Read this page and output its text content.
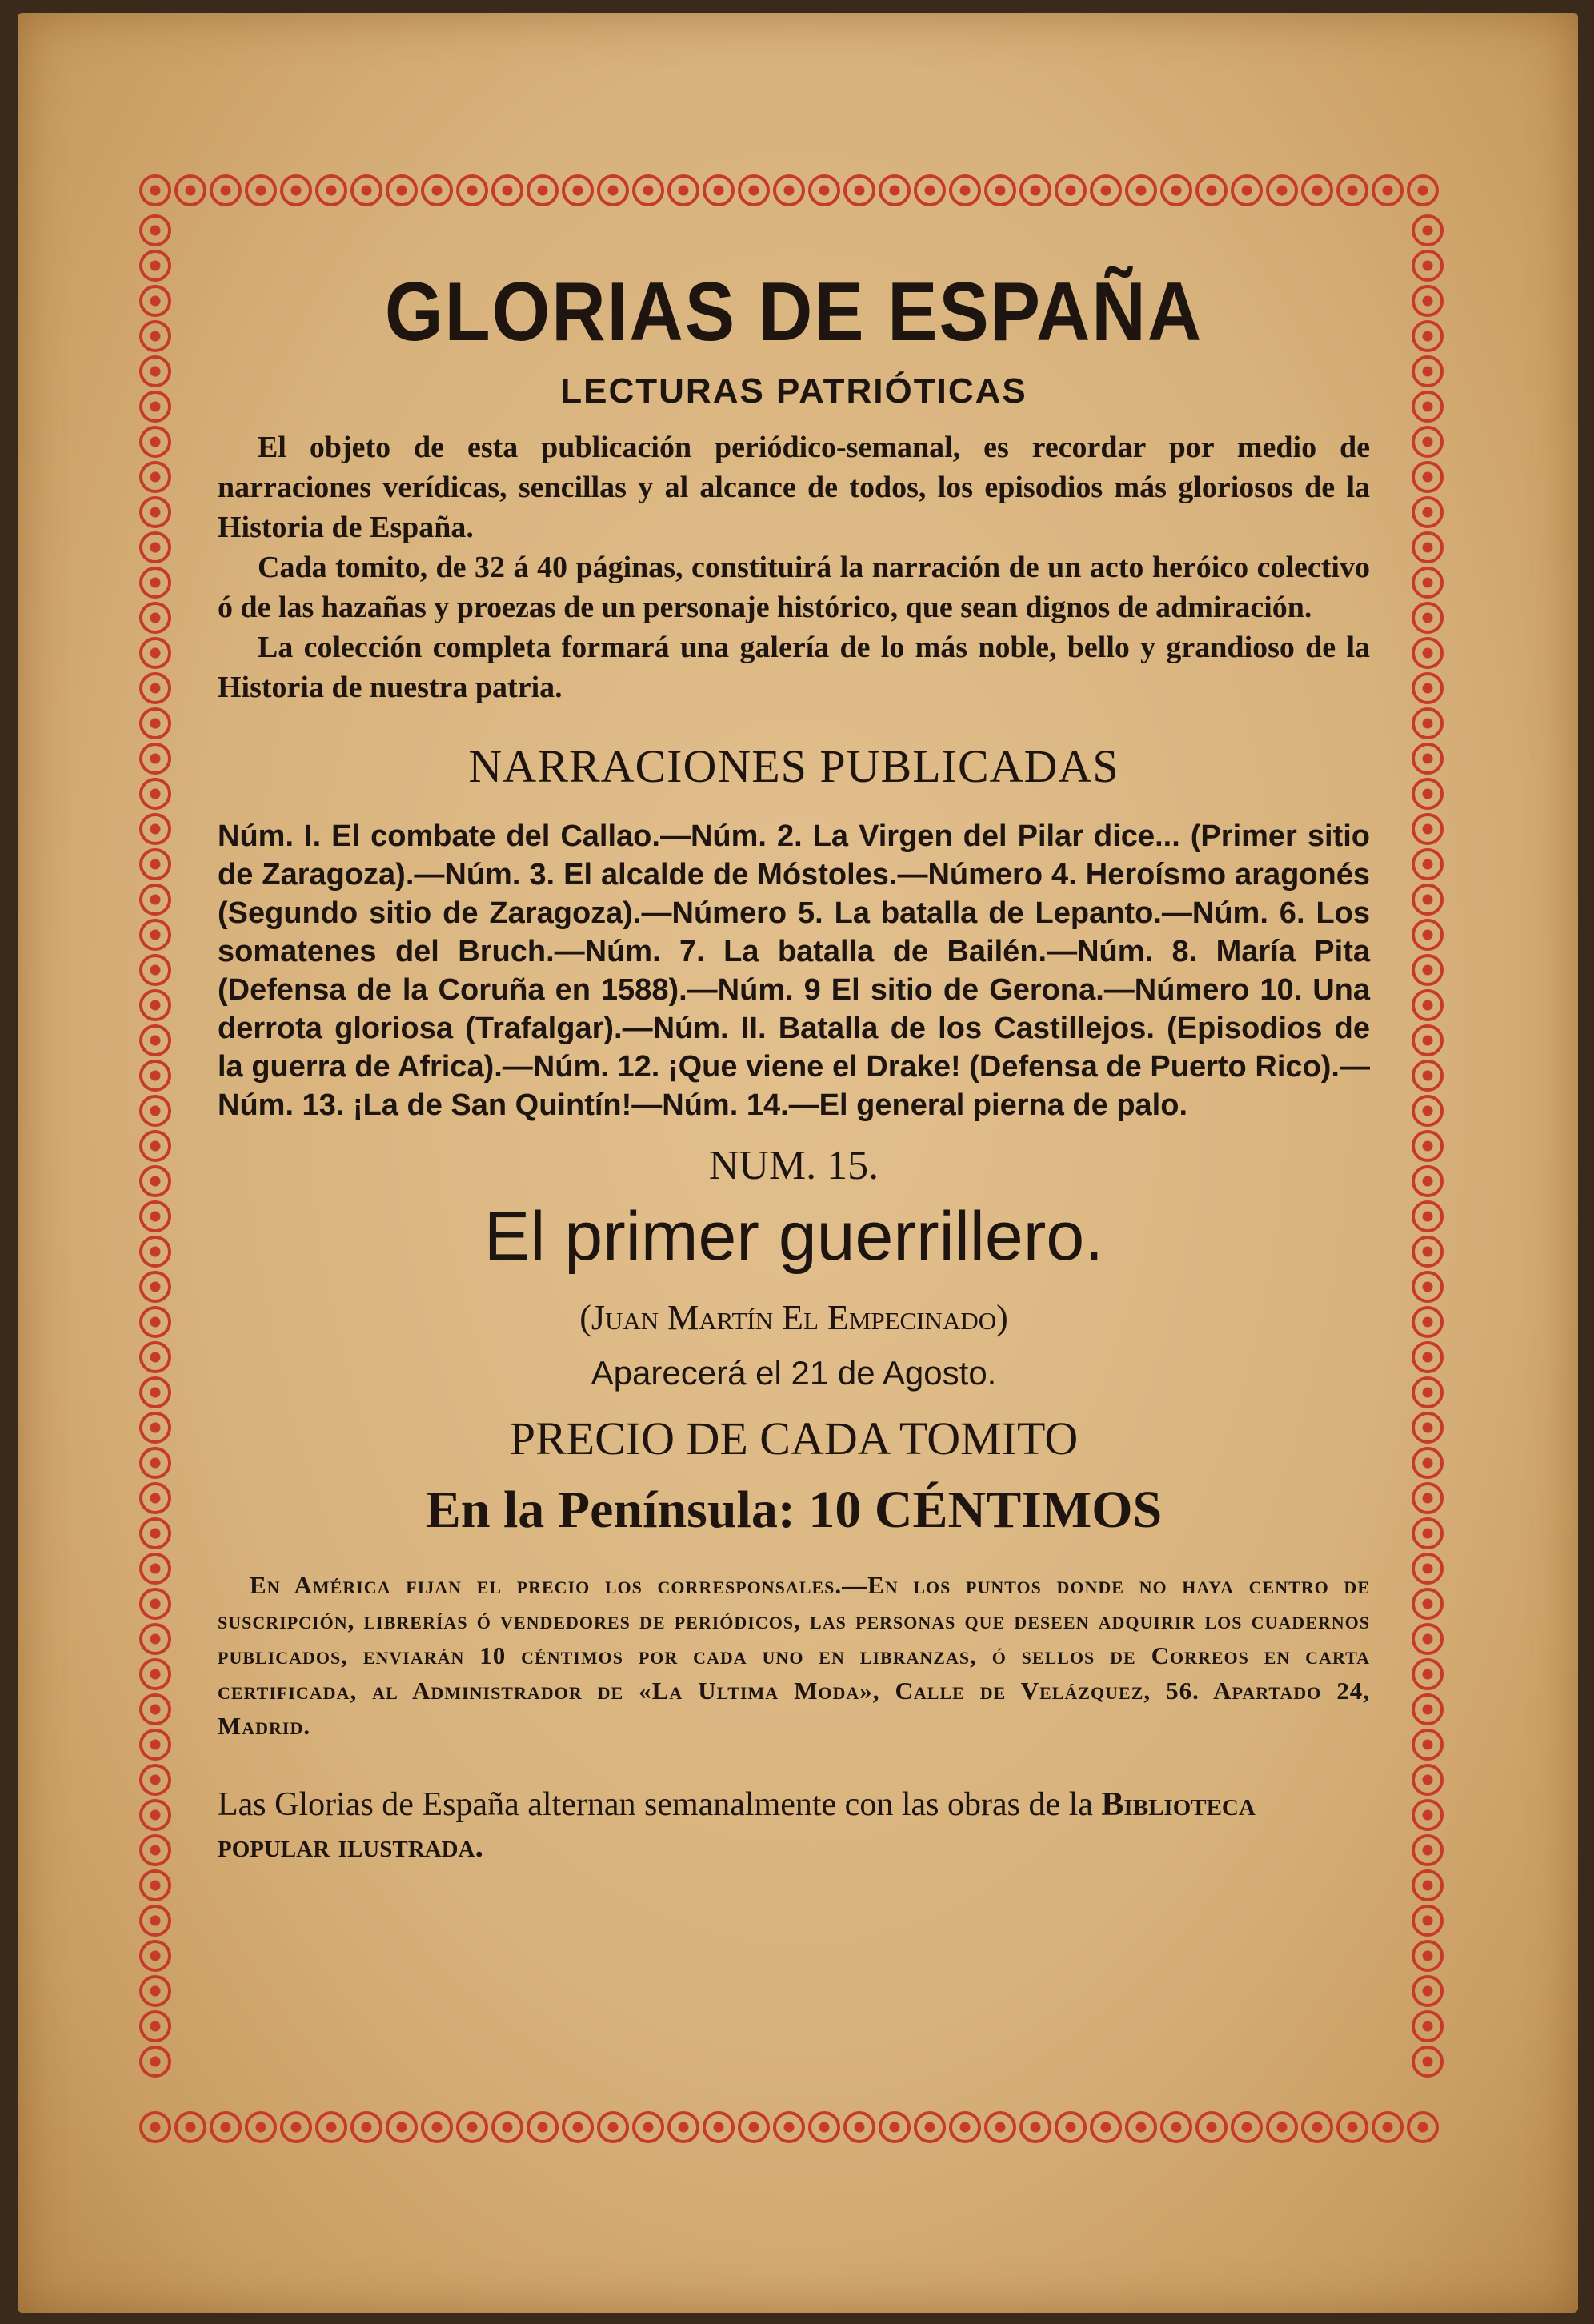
GLORIAS DE ESPAÑA
LECTURAS PATRIÓTICAS

El objeto de esta publicación periódico-semanal, es recordar por medio de narraciones verídicas, sencillas y al alcance de todos, los episodios más gloriosos de la Historia de España.

Cada tomito, de 32 á 40 páginas, constituirá la narración de un acto heróico colectivo ó de las hazañas y proezas de un personaje histórico, que sean dignos de admiración.

La colección completa formará una galería de lo más noble, bello y grandioso de la Historia de nuestra patria.

NARRACIONES PUBLICADAS

Núm. I. El combate del Callao.—Núm. 2. La Virgen del Pilar dice... (Primer sitio de Zaragoza).—Núm. 3. El alcalde de Móstoles.—Número 4. Heroísmo aragonés (Segundo sitio de Zaragoza).—Número 5. La batalla de Lepanto.—Núm. 6. Los somatenes del Bruch.—Núm. 7. La batalla de Bailén.—Núm. 8. María Pita (Defensa de la Coruña en 1588).—Núm. 9 El sitio de Gerona.—Número 10. Una derrota gloriosa (Trafalgar).—Núm. II. Batalla de los Castillejos. (Episodios de la guerra de Africa).—Núm. 12. ¡Que viene el Drake! (Defensa de Puerto Rico).—Núm. 13. ¡La de San Quintín!—Núm. 14.—El general pierna de palo.

NUM. 15.
El primer guerrillero.
(Juan Martín El Empecinado)
Aparecerá el 21 de Agosto.
PRECIO DE CADA TOMITO
En la Península: 10 CÉNTIMOS

En América fijan el precio los corresponsales.—En los puntos donde no haya centro de suscripción, librerías ó vendedores de periódicos, las personas que deseen adquirir los cuadernos publicados, enviarán 10 céntimos por cada uno en libranzas, ó sellos de Correos en carta certificada, al Administrador de «La Ultima Moda», Calle de Velázquez, 56. Apartado 24, Madrid.

Las Glorias de España alternan semanalmente con las obras de la Biblioteca popular ilustrada.
